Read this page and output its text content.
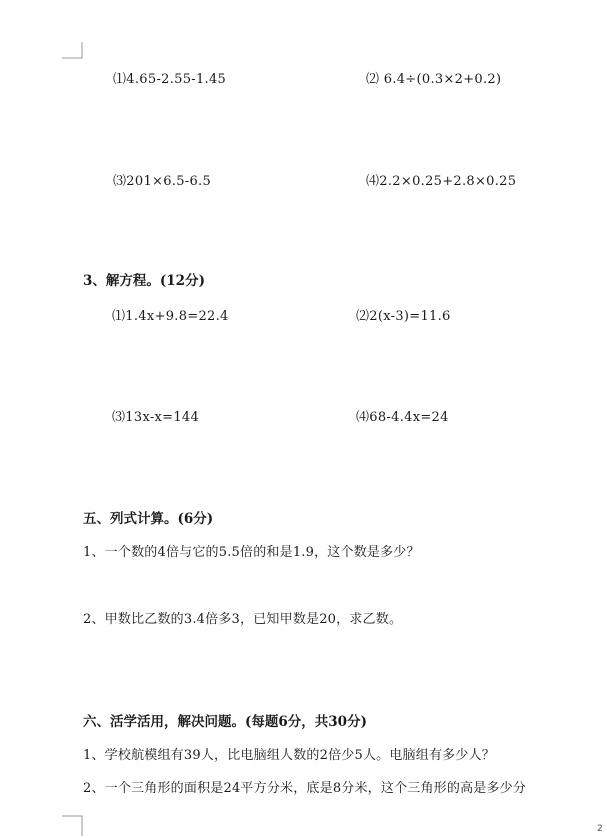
⑴4.65-2.55-1.45	⑵ 6.4÷(0.3×2+0.2)
⑶201×6.5-6.5	⑷2.2×0.25+2.8×0.25
3、解方程。(12分)
⑴1.4x+9.8=22.4	⑵2(x-3)=11.6
⑶13x-x=144	⑷68-4.4x=24
五、列式计算。(6分)
1、一个数的4倍与它的5.5倍的和是1.9，这个数是多少？
2、甲数比乙数的3.4倍多3，已知甲数是20，求乙数。
六、活学活用，解决问题。(每题6分，共30分)
1、学校航模组有39人，比电脑组人数的2倍少5人。电脑组有多少人？
2、一个三角形的面积是24平方分米，底是8分米，这个三角形的高是多少分
2
